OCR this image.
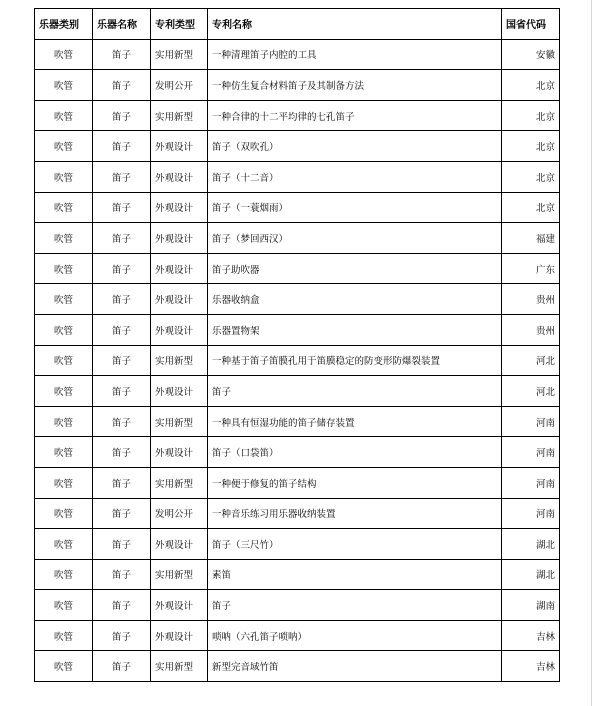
乐器类别	乐器名称	专利类型	专利名称	国省代码
吹管	笛子	实用新型	一种清理笛子内腔的工具	安徽
吹管	笛子	发明公开	一种仿生复合材料笛子及其制备方法	北京
吹管	笛子	实用新型	一种合律的十二平均律的七孔笛子	北京
吹管	笛子	外观设计	笛子（双吹孔）	北京
吹管	笛子	外观设计	笛子（十二音）	北京
吹管	笛子	外观设计	笛子（一蓑烟雨）	北京
吹管	笛子	外观设计	笛子（梦回西汉）	福建
吹管	笛子	外观设计	笛子助吹器	广东
吹管	笛子	外观设计	乐器收纳盒	贵州
吹管	笛子	外观设计	乐器置物架	贵州
吹管	笛子	实用新型	一种基于笛子笛膜孔用于笛膜稳定的防变形防爆裂装置	河北
吹管	笛子	外观设计	笛子	河北
吹管	笛子	实用新型	一种具有恒湿功能的笛子储存装置	河南
吹管	笛子	外观设计	笛子（口袋笛）	河南
吹管	笛子	实用新型	一种便于修复的笛子结构	河南
吹管	笛子	发明公开	一种音乐练习用乐器收纳装置	河南
吹管	笛子	外观设计	笛子（三尺竹）	湖北
吹管	笛子	实用新型	素笛	湖北
吹管	笛子	外观设计	笛子	湖南
吹管	笛子	外观设计	唢呐（六孔笛子唢呐）	吉林
吹管	笛子	实用新型	新型完音域竹笛	吉林
